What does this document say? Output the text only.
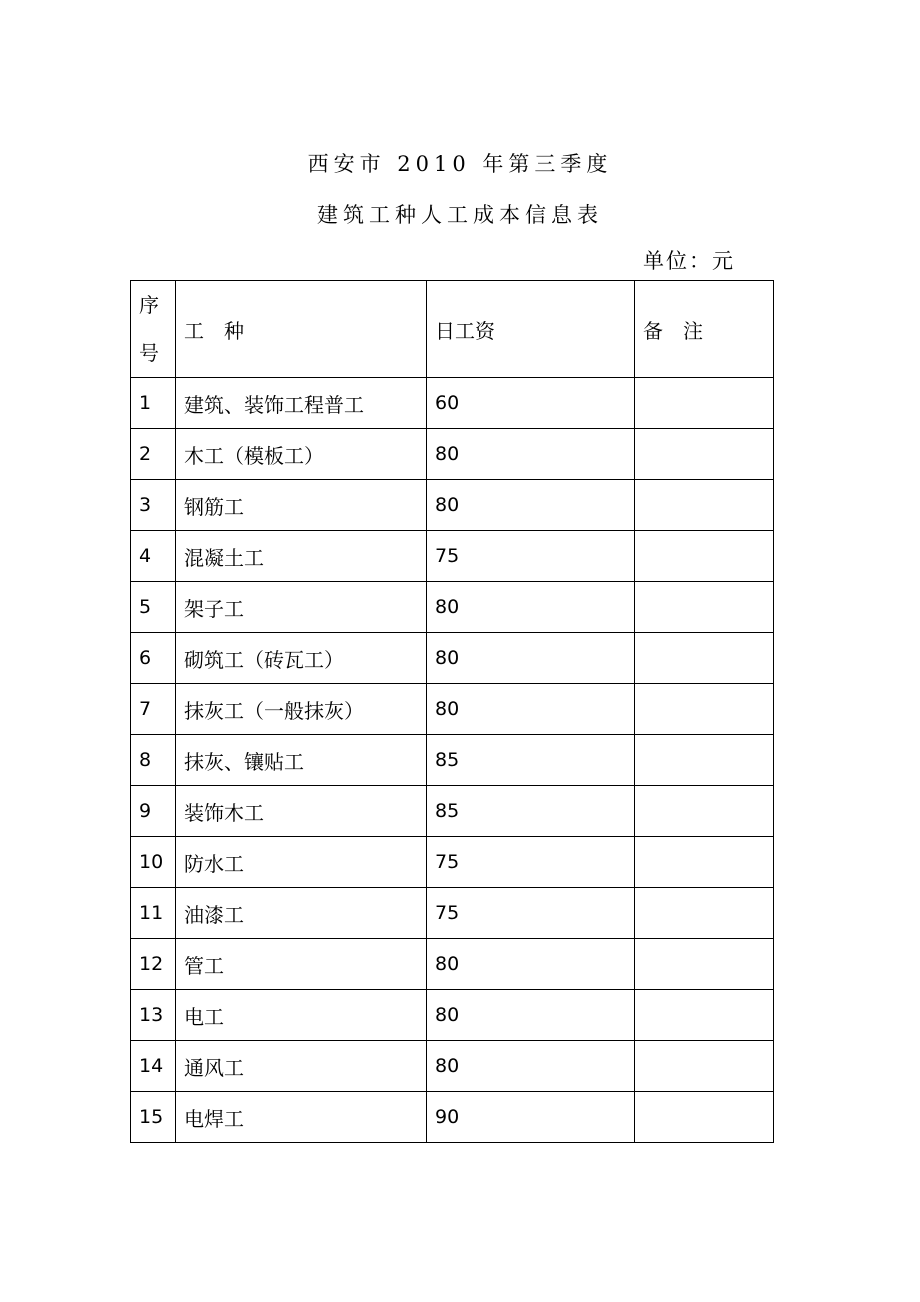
西安市 2010 年第三季度
建筑工种人工成本信息表
单位：元
序号	工　种	日工资	备　注
1	建筑、装饰工程普工	60	
2	木工（模板工）	80	
3	钢筋工	80	
4	混凝土工	75	
5	架子工	80	
6	砌筑工（砖瓦工）	80	
7	抹灰工（一般抹灰）	80	
8	抹灰、镶贴工	85	
9	装饰木工	85	
10	防水工	75	
11	油漆工	75	
12	管工	80	
13	电工	80	
14	通风工	80	
15	电焊工	90	
